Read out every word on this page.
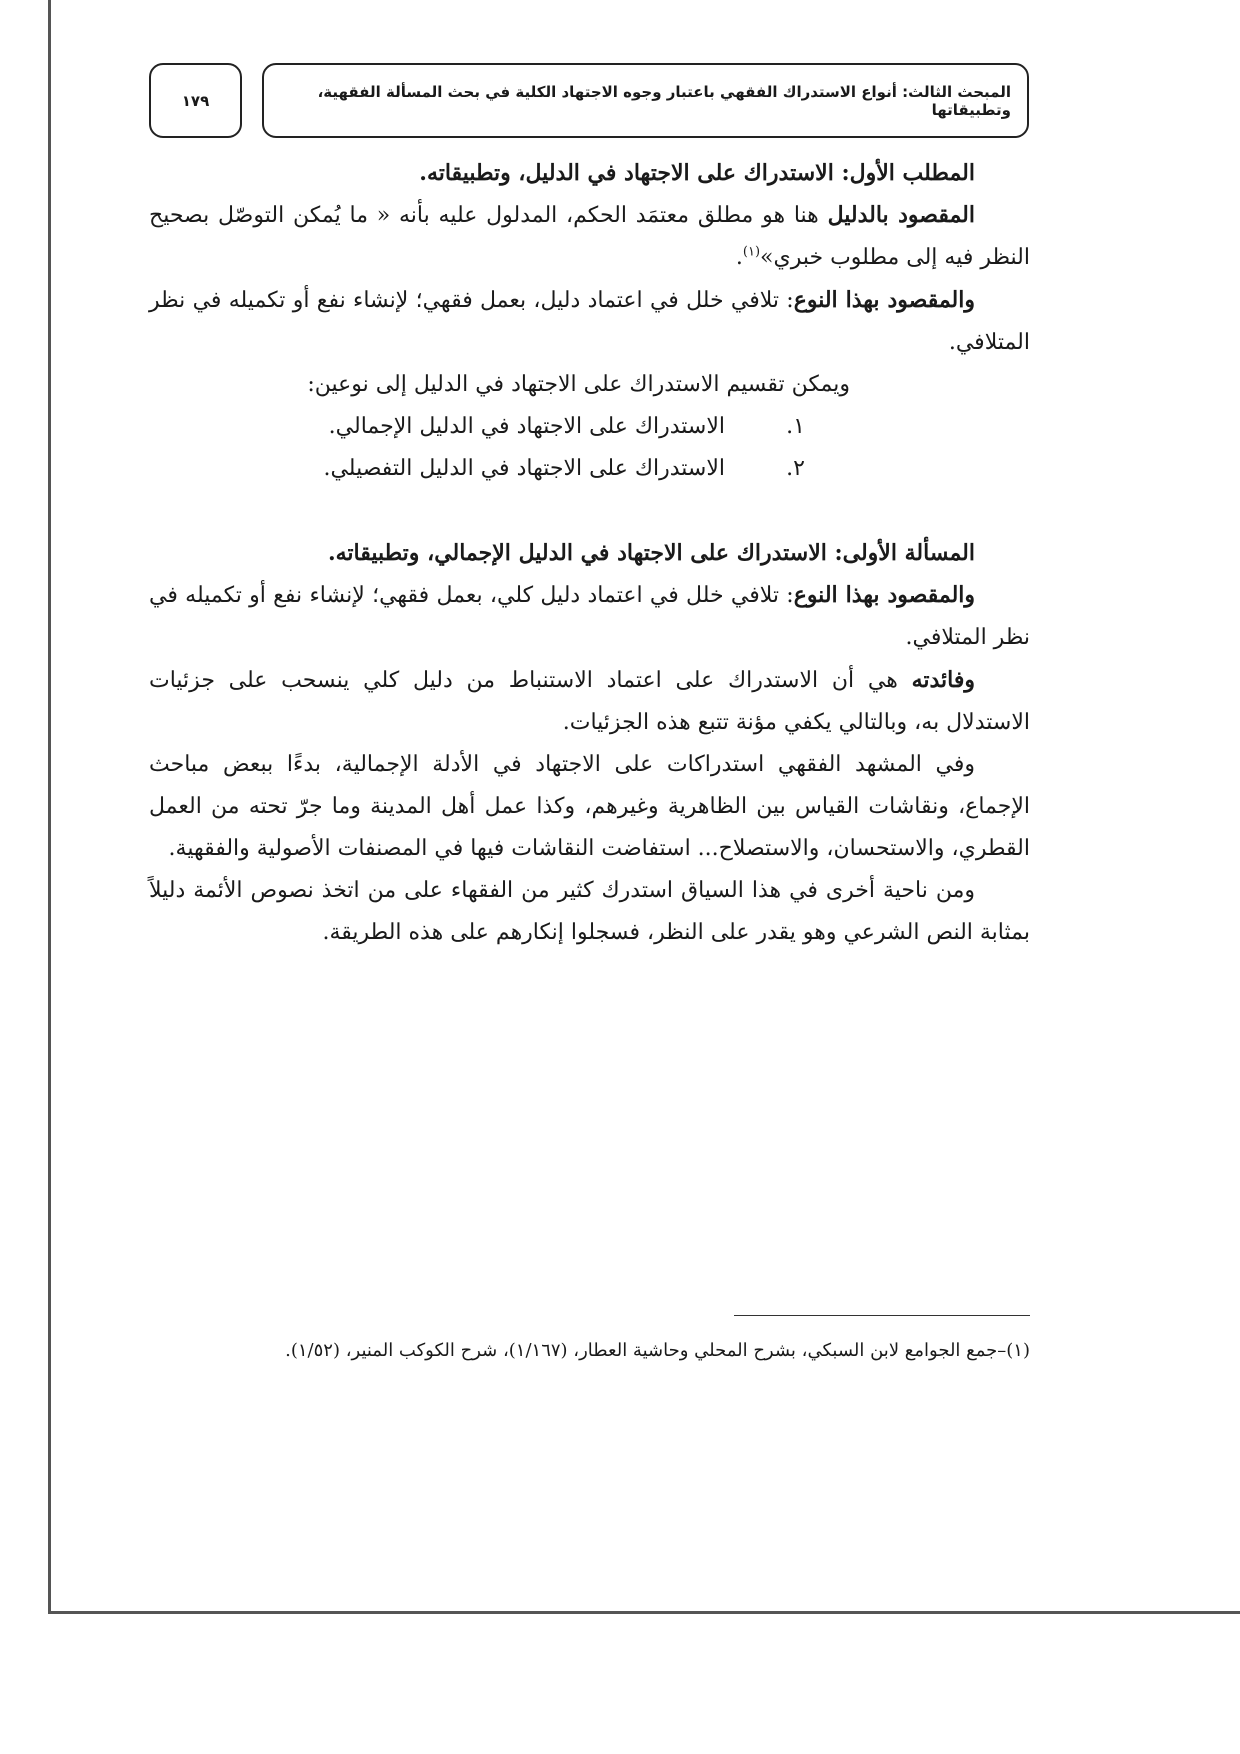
المبحث الثالث: أنواع الاستدراك الفقهي باعتبار وجوه الاجتهاد الكلية في بحث المسألة الفقهية، وتطبيقاتها
١٧٩

المطلب الأول: الاستدراك على الاجتهاد في الدليل، وتطبيقاته.

المقصود بالدليل هنا هو مطلق معتمَد الحكم، المدلول عليه بأنه « ما يُمكن التوصّل بصحيح النظر فيه إلى مطلوب خبري»$^{(١)}$.

والمقصود بهذا النوع: تلافي خلل في اعتماد دليل، بعمل فقهي؛ لإنشاء نفع أو تكميله في نظر المتلافي.

ويمكن تقسيم الاستدراك على الاجتهاد في الدليل إلى نوعين:

١.
الاستدراك على الاجتهاد في الدليل الإجمالي.
٢.
الاستدراك على الاجتهاد في الدليل التفصيلي.

المسألة الأولى: الاستدراك على الاجتهاد في الدليل الإجمالي، وتطبيقاته.

والمقصود بهذا النوع: تلافي خلل في اعتماد دليل كلي، بعمل فقهي؛ لإنشاء نفع أو تكميله في نظر المتلافي.

وفائدته هي أن الاستدراك على اعتماد الاستنباط من دليل كلي ينسحب على جزئيات الاستدلال به، وبالتالي يكفي مؤنة تتبع هذه الجزئيات.

وفي المشهد الفقهي استدراكات على الاجتهاد في الأدلة الإجمالية، بدءًا ببعض مباحث الإجماع، ونقاشات القياس بين الظاهرية وغيرهم، وكذا عمل أهل المدينة وما جرّ تحته من العمل القطري، والاستحسان، والاستصلاح... استفاضت النقاشات فيها في المصنفات الأصولية والفقهية.

ومن ناحية أخرى في هذا السياق استدرك كثير من الفقهاء على من اتخذ نصوص الأئمة دليلاً بمثابة النص الشرعي وهو يقدر على النظر، فسجلوا إنكارهم على هذه الطريقة.

(١)–جمع الجوامع لابن السبكي، بشرح المحلي وحاشية العطار، (١/١٦٧)، شرح الكوكب المنير، (١/٥٢).
